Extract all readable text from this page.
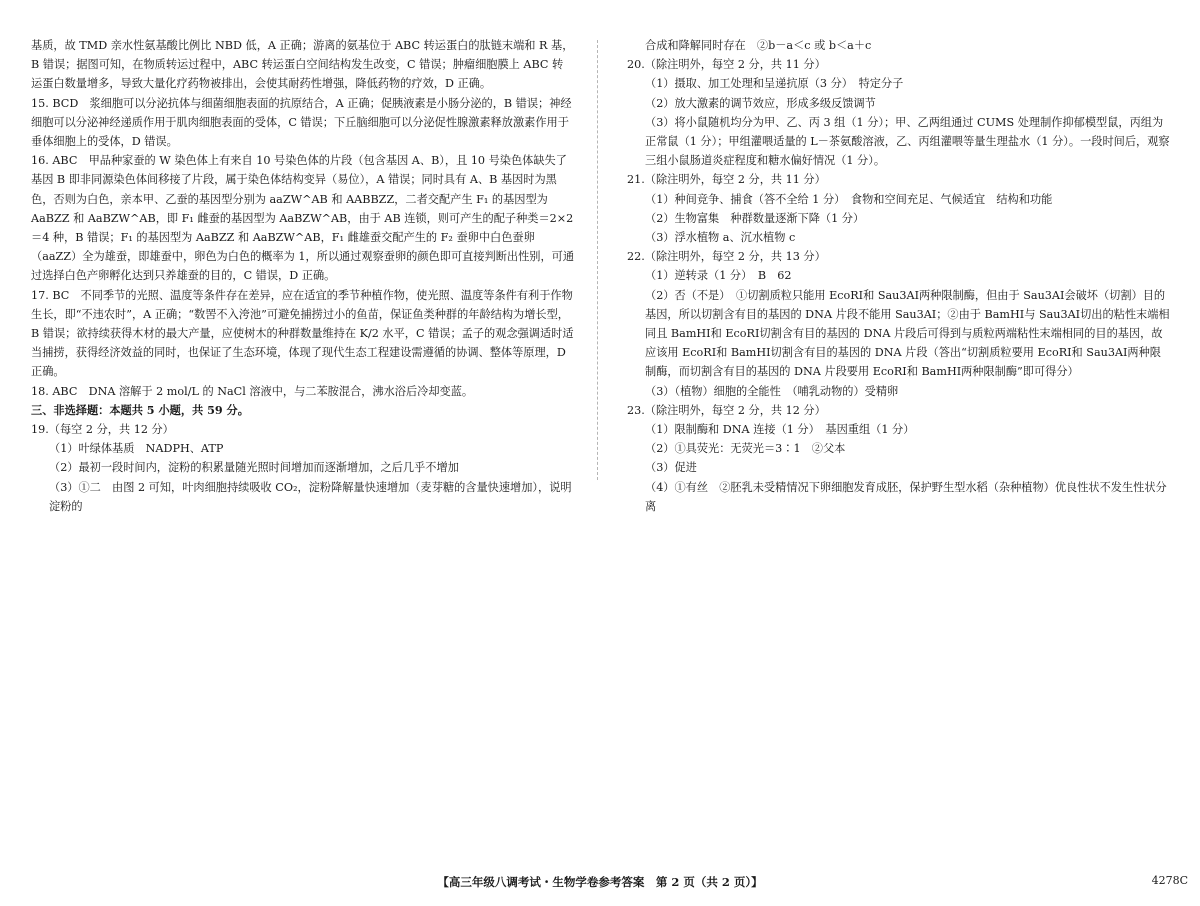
基质，故 TMD 亲水性氨基酸比例比 NBD 低，A 正确；游离的氨基位于 ABC 转运蛋白的肽链末端和 R 基，B 错误；据图可知，在物质转运过程中，ABC 转运蛋白空间结构发生改变，C 错误；肿瘤细胞膜上 ABC 转运蛋白数量增多，导致大量化疗药物被排出，会使其耐药性增强，降低药物的疗效，D 正确。

15. BCD　浆细胞可以分泌抗体与细菌细胞表面的抗原结合，A 正确；促胰液素是小肠分泌的，B 错误；神经细胞可以分泌神经递质作用于肌肉细胞表面的受体，C 错误；下丘脑细胞可以分泌促性腺激素释放激素作用于垂体细胞上的受体，D 错误。

16. ABC　甲品种家蚕的 W 染色体上有来自 10 号染色体的片段（包含基因 A、B），且 10 号染色体缺失了基因 B 即非同源染色体间移接了片段，属于染色体结构变异（易位），A 错误；同时具有 A、B 基因时为黑色，否则为白色，亲本甲、乙蚕的基因型分别为 aaZW^AB 和 AABBZZ，二者交配产生 F₁ 的基因型为 AaBZZ 和 AaBZW^AB，即 F₁ 雌蚕的基因型为 AaBZW^AB，由于 AB 连锁，则可产生的配子种类＝2×2＝4 种，B 错误；F₁ 的基因型为 AaBZZ 和 AaBZW^AB，F₁ 雌雄蚕交配产生的 F₂ 蚕卵中白色蚕卵（aaZZ）全为雄蚕，即雄蚕中，卵色为白色的概率为 1，所以通过观察蚕卵的颜色即可直接判断出性别，可通过选择白色产卵孵化达到只养雄蚕的目的，C 错误，D 正确。

17. BC　不同季节的光照、温度等条件存在差异，应在适宜的季节种植作物，使光照、温度等条件有利于作物生长，即“不违农时”，A 正确；“数罟不入洿池”可避免捕捞过小的鱼苗，保证鱼类种群的年龄结构为增长型，B 错误；欲持续获得木材的最大产量，应使树木的种群数量维持在 K/2 水平，C 错误；孟子的观念强调适时适当捕捞，获得经济效益的同时，也保证了生态环境，体现了现代生态工程建设需遵循的协调、整体等原理，D 正确。

18. ABC　DNA 溶解于 2 mol/L 的 NaCl 溶液中，与二苯胺混合，沸水浴后冷却变蓝。

三、非选择题：本题共 5 小题，共 59 分。

19.（每空 2 分，共 12 分）

（1）叶绿体基质　NADPH、ATP

（2）最初一段时间内，淀粉的积累量随光照时间增加而逐渐增加，之后几乎不增加

（3）①二　由图 2 可知，叶肉细胞持续吸收 CO₂，淀粉降解量快速增加（麦芽糖的含量快速增加），说明淀粉的

合成和降解同时存在　②b－a＜c 或 b＜a＋c

20.（除注明外，每空 2 分，共 11 分）

（1）摄取、加工处理和呈递抗原（3 分）　特定分子

（2）放大激素的调节效应，形成多级反馈调节

（3）将小鼠随机均分为甲、乙、丙 3 组（1 分）；甲、乙两组通过 CUMS 处理制作抑郁模型鼠，丙组为正常鼠（1 分）；甲组灌喂适量的 L－茶氨酸溶液，乙、丙组灌喂等量生理盐水（1 分）。一段时间后，观察三组小鼠肠道炎症程度和糖水偏好情况（1 分）。

21.（除注明外，每空 2 分，共 11 分）

（1）种间竞争、捕食（答不全给 1 分）　食物和空间充足、气候适宜　结构和功能

（2）生物富集　种群数量逐渐下降（1 分）

（3）浮水植物 a、沉水植物 c

22.（除注明外，每空 2 分，共 13 分）

（1）逆转录（1 分）　B　62

（2）否（不是）　①切割质粒只能用 EcoRⅠ和 Sau3AⅠ两种限制酶，但由于 Sau3AⅠ会破坏（切割）目的基因，所以切割含有目的基因的 DNA 片段不能用 Sau3AⅠ；②由于 BamHⅠ与 Sau3AⅠ切出的粘性末端相同且 BamHⅠ和 EcoRⅠ切割含有目的基因的 DNA 片段后可得到与质粒两端粘性末端相同的目的基因，故应该用 EcoRⅠ和 BamHⅠ切割含有目的基因的 DNA 片段（答出“切割质粒要用 EcoRⅠ和 Sau3AⅠ两种限制酶，而切割含有目的基因的 DNA 片段要用 EcoRⅠ和 BamHⅠ两种限制酶”即可得分）

（3）（植物）细胞的全能性　（哺乳动物的）受精卵

23.（除注明外，每空 2 分，共 12 分）

（1）限制酶和 DNA 连接（1 分）　基因重组（1 分）

（2）①具荧光：无荧光＝3∶1　②父本

（3）促进

（4）①有丝　②胚乳未受精情况下卵细胞发育成胚，保护野生型水稻（杂种植物）优良性状不发生性状分离

【高三年级八调考试・生物学卷参考答案　第 2 页（共 2 页）】	4278C
